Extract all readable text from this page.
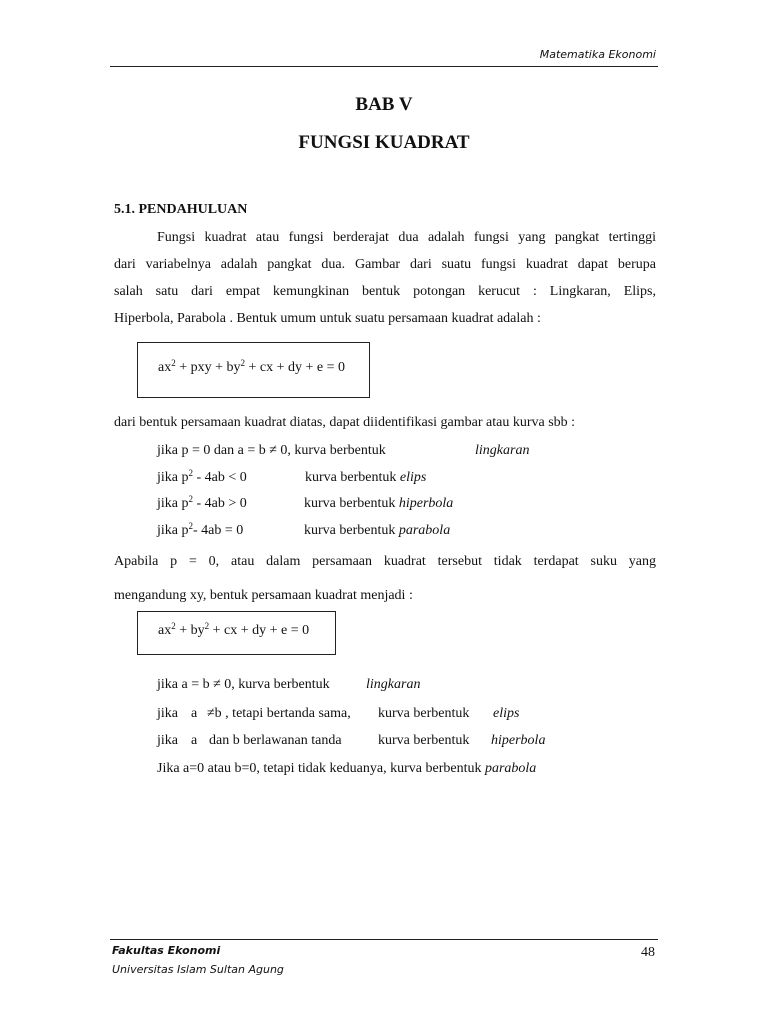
Matematika Ekonomi
BAB V
FUNGSI KUADRAT
5.1. PENDAHULUAN
Fungsi kuadrat atau fungsi berderajat dua adalah fungsi yang pangkat tertinggi
dari variabelnya adalah pangkat dua. Gambar dari suatu fungsi kuadrat dapat berupa
salah satu dari empat kemungkinan bentuk potongan kerucut : Lingkaran, Elips,
Hiperbola, Parabola . Bentuk umum untuk suatu persamaan kuadrat adalah :
$ax^2$ + pxy + $by^2$ + cx + dy + e = 0
dari bentuk persamaan kuadrat diatas, dapat diidentifikasi gambar atau kurva sbb :
jika p = 0 dan a = b ≠ 0, kurva berbentuk	lingkaran
jika $p^2 - 4ab < 0$	kurva berbentuk elips
jika $p^2 - 4ab > 0$	kurva berbentuk hiperbola
jika $p^2-$ 4ab = 0	kurva berbentuk parabola
Apabila p = 0, atau dalam persamaan kuadrat tersebut tidak terdapat suku yang
mengandung xy, bentuk persamaan kuadrat menjadi :
$ax^2 + by^2$ + cx + dy + e = 0
jika a = b ≠ 0, kurva berbentuk	lingkaran
jika a ≠b , tetapi bertanda sama, kurva berbentuk elips
jika a dan b berlawanan tanda	kurva berbentuk hiperbola
Jika a=0 atau b=0, tetapi tidak keduanya, kurva berbentuk parabola
Fakultas Ekonomi
Universitas Islam Sultan Agung
48
